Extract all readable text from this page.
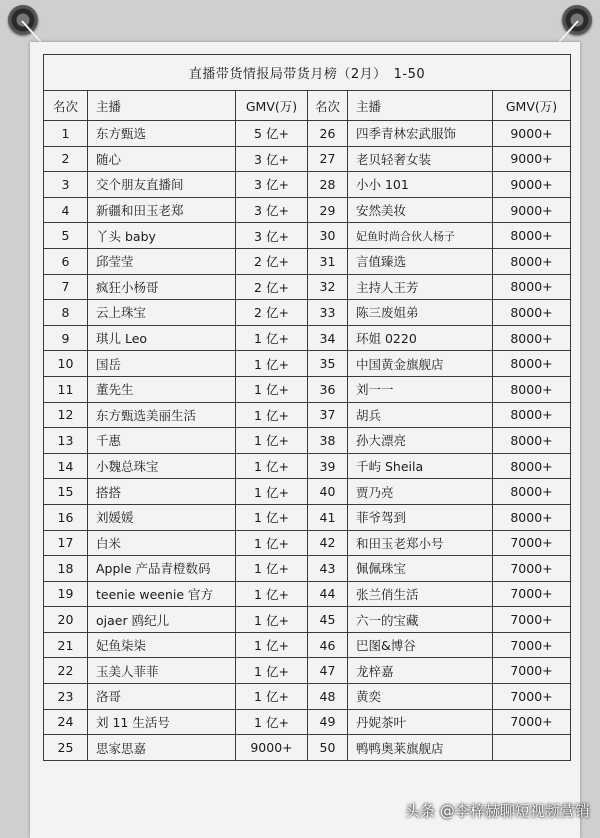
直播带货情报局带货月榜（2月）　1-50					
名次	主播	GMV(万)	名次	主播	GMV(万)
1	东方甄选	5 亿+	26	四季青林宏武服饰	9000+
2	随心	3 亿+	27	老贝轻奢女装	9000+
3	交个朋友直播间	3 亿+	28	小小 101	9000+
4	新疆和田玉老郑	3 亿+	29	安然美妆	9000+
5	丫头 baby	3 亿+	30	妃鱼时尚合伙人杨子	8000+
6	邱莹莹	2 亿+	31	言值臻选	8000+
7	疯狂小杨哥	2 亿+	32	主持人王芳	8000+
8	云上珠宝	2 亿+	33	陈三废姐弟	8000+
9	琪儿 Leo	1 亿+	34	环姐 0220	8000+
10	国岳	1 亿+	35	中国黄金旗舰店	8000+
11	董先生	1 亿+	36	刘一一	8000+
12	东方甄选美丽生活	1 亿+	37	胡兵	8000+
13	千惠	1 亿+	38	孙大漂亮	8000+
14	小魏总珠宝	1 亿+	39	千屿 Sheila	8000+
15	搭搭	1 亿+	40	贾乃亮	8000+
16	刘媛媛	1 亿+	41	菲爷驾到	8000+
17	白米	1 亿+	42	和田玉老郑小号	7000+
18	Apple 产品青橙数码	1 亿+	43	佩佩珠宝	7000+
19	teenie weenie 官方	1 亿+	44	张兰俏生活	7000+
20	ojaer 鸥纪儿	1 亿+	45	六一的宝藏	7000+
21	妃鱼柒柒	1 亿+	46	巴图&博谷	7000+
22	玉美人菲菲	1 亿+	47	龙梓嘉	7000+
23	洛哥	1 亿+	48	黄奕	7000+
24	刘 11 生活号	1 亿+	49	丹妮茶叶	7000+
25	思家思嘉	9000+	50	鸭鸭奥莱旗舰店	
头条 @李梓赫聊短视频营销
